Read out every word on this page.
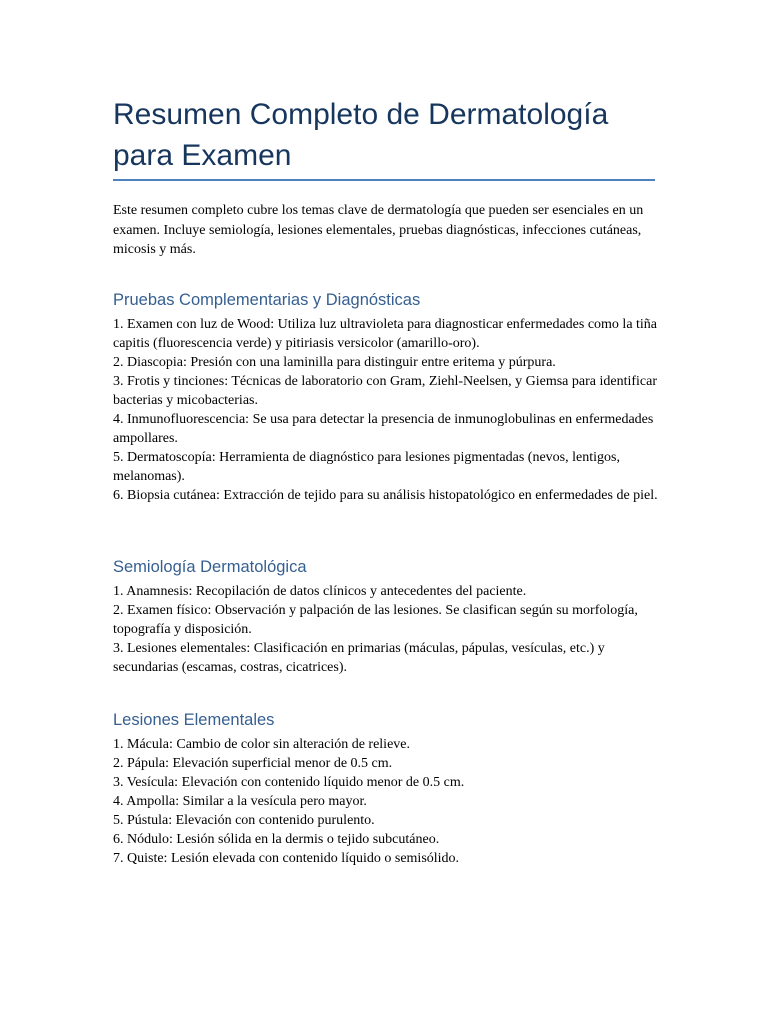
Resumen Completo de Dermatología para Examen

Este resumen completo cubre los temas clave de dermatología que pueden ser esenciales en un examen. Incluye semiología, lesiones elementales, pruebas diagnósticas, infecciones cutáneas, micosis y más.

Pruebas Complementarias y Diagnósticas

1. Examen con luz de Wood: Utiliza luz ultravioleta para diagnosticar enfermedades como la tiña capitis (fluorescencia verde) y pitiriasis versicolor (amarillo-oro).

2. Diascopia: Presión con una laminilla para distinguir entre eritema y púrpura.

3. Frotis y tinciones: Técnicas de laboratorio con Gram, Ziehl-Neelsen, y Giemsa para identificar bacterias y micobacterias.

4. Inmunofluorescencia: Se usa para detectar la presencia de inmunoglobulinas en enfermedades ampollares.

5. Dermatoscopía: Herramienta de diagnóstico para lesiones pigmentadas (nevos, lentigos, melanomas).

6. Biopsia cutánea: Extracción de tejido para su análisis histopatológico en enfermedades de piel.

Semiología Dermatológica

1. Anamnesis: Recopilación de datos clínicos y antecedentes del paciente.

2. Examen físico: Observación y palpación de las lesiones. Se clasifican según su morfología, topografía y disposición.

3. Lesiones elementales: Clasificación en primarias (máculas, pápulas, vesículas, etc.) y secundarias (escamas, costras, cicatrices).

Lesiones Elementales

1. Mácula: Cambio de color sin alteración de relieve.

2. Pápula: Elevación superficial menor de 0.5 cm.

3. Vesícula: Elevación con contenido líquido menor de 0.5 cm.

4. Ampolla: Similar a la vesícula pero mayor.

5. Pústula: Elevación con contenido purulento.

6. Nódulo: Lesión sólida en la dermis o tejido subcutáneo.

7. Quiste: Lesión elevada con contenido líquido o semisólido.
